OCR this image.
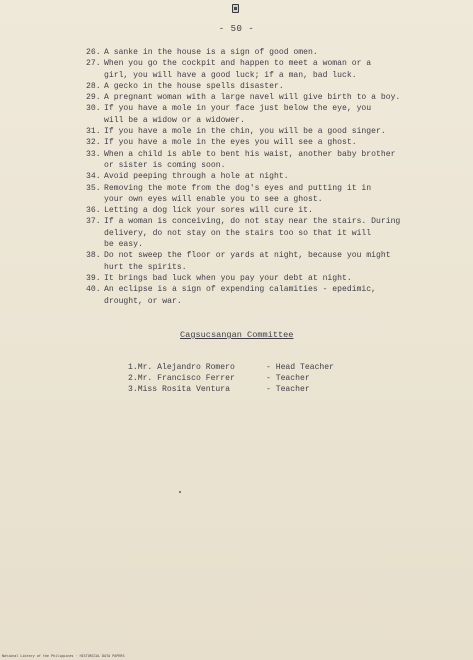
- 50 -
26. A sanke in the house is a sign of good omen.
27. When you go the cockpit and happen to meet a woman or a
girl, you will have a good luck; if a man, bad luck.
28. A gecko in the house spells disaster.
29. A pregnant woman with a large navel will give birth to a boy.
30. If you have a mole in your face just below the eye, you
will be a widow or a widower.
31. If you have a mole in the chin, you will be a good singer.
32. If you have a mole in the eyes you will see a ghost.
33. When a child is able to bent his waist, another baby brother
or sister is coming soon.
34. Avoid peeping through a hole at night.
35. Removing the mote from the dog's eyes and putting it in
your own eyes will enable you to see a ghost.
36. Letting a dog lick your sores will cure it.
37. If a woman is conceiving, do not stay near the stairs. During
delivery, do not stay on the stairs too so that it will
be easy.
38. Do not sweep the floor or yards at night, because you might
hurt the spirits.
39. It brings bad luck when you pay your debt at night.
40. An eclipse is a sign of expending calamities - epedimic,
drought, or war.
Cagsucsangan Committee
1.Mr. Alejandro Romero	- Head Teacher
2.Mr. Francisco Ferrer	- Teacher
3.Miss Rosita Ventura	- Teacher
National Library of the Philippines · HISTORICAL DATA PAPERS
